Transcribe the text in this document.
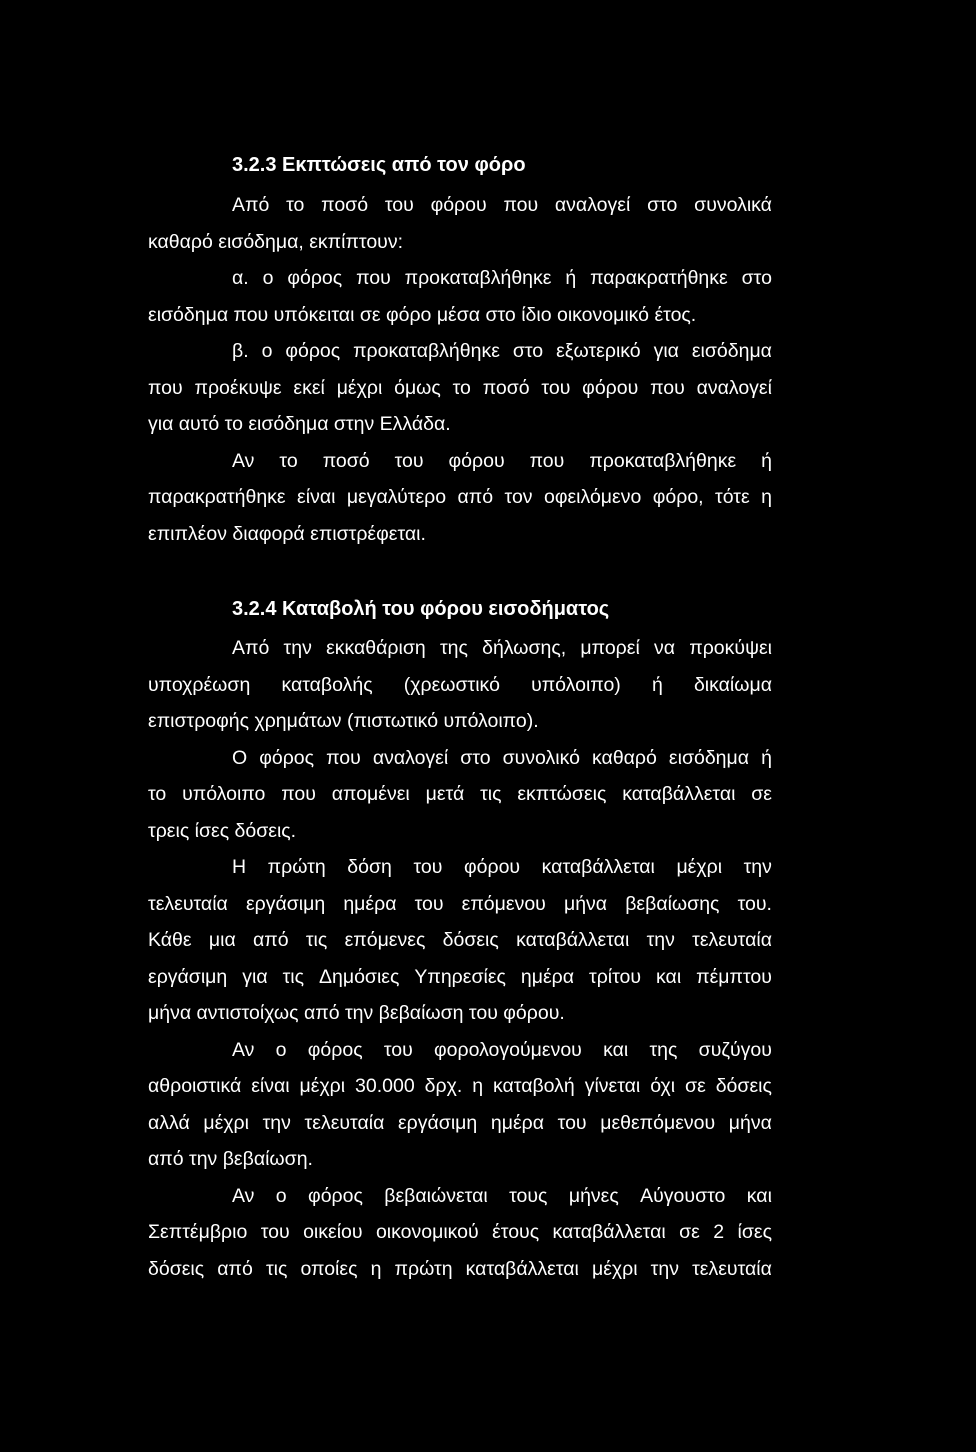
3.2.3 Εκπτώσεις από τον φόρο
Από το ποσό του φόρου που αναλογεί στο συνολικά
καθαρό εισόδημα, εκπίπτουν:
α. ο φόρος που προκαταβλήθηκε ή παρακρατήθηκε στο
εισόδημα που υπόκειται σε φόρο μέσα στο ίδιο οικονομικό έτος.
β. ο φόρος προκαταβλήθηκε στο εξωτερικό για εισόδημα
που προέκυψε εκεί μέχρι όμως το ποσό του φόρου που αναλογεί
για αυτό το εισόδημα στην Ελλάδα.
Αν το ποσό του φόρου που προκαταβλήθηκε ή
παρακρατήθηκε είναι μεγαλύτερο από τον οφειλόμενο φόρο, τότε η
επιπλέον διαφορά επιστρέφεται.
3.2.4 Καταβολή του φόρου εισοδήματος
Από την εκκαθάριση της δήλωσης, μπορεί να προκύψει
υποχρέωση καταβολής (χρεωστικό υπόλοιπο) ή δικαίωμα
επιστροφής χρημάτων (πιστωτικό υπόλοιπο).
Ο φόρος που αναλογεί στο συνολικό καθαρό εισόδημα ή
το υπόλοιπο που απομένει μετά τις εκπτώσεις καταβάλλεται σε
τρεις ίσες δόσεις.
Η πρώτη δόση του φόρου καταβάλλεται μέχρι την
τελευταία εργάσιμη ημέρα του επόμενου μήνα βεβαίωσης του.
Κάθε μια από τις επόμενες δόσεις καταβάλλεται την τελευταία
εργάσιμη για τις Δημόσιες Υπηρεσίες ημέρα τρίτου και πέμπτου
μήνα αντιστοίχως από την βεβαίωση του φόρου.
Αν ο φόρος του φορολογούμενου και της συζύγου
αθροιστικά είναι μέχρι 30.000 δρχ. η καταβολή γίνεται όχι σε δόσεις
αλλά μέχρι την τελευταία εργάσιμη ημέρα του μεθεπόμενου μήνα
από την βεβαίωση.
Αν ο φόρος βεβαιώνεται τους μήνες Αύγουστο και
Σεπτέμβριο του οικείου οικονομικού έτους καταβάλλεται σε 2 ίσες
δόσεις από τις οποίες η πρώτη καταβάλλεται μέχρι την τελευταία
